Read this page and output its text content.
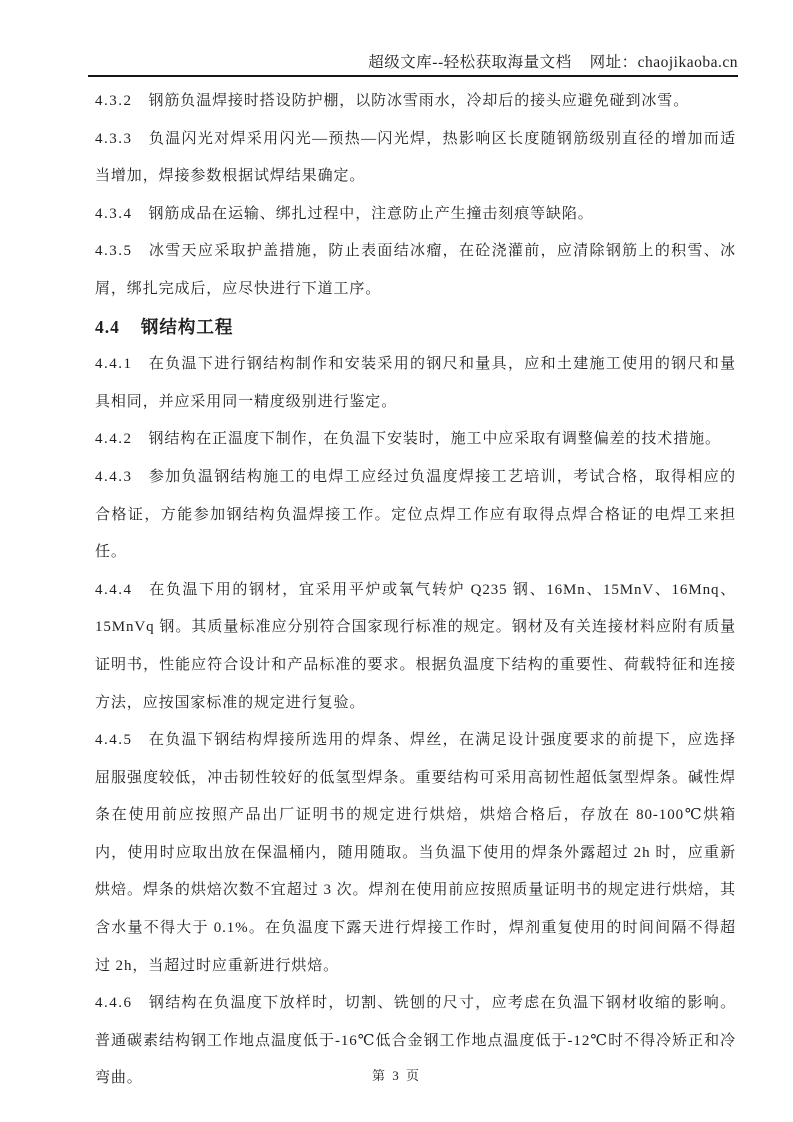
超级文库--轻松获取海量文档 网址：chaojikaoba.cn

4.3.2 钢筋负温焊接时搭设防护棚，以防冰雪雨水，冷却后的接头应避免碰到冰雪。

4.3.3 负温闪光对焊采用闪光—预热—闪光焊，热影响区长度随钢筋级别直径的增加而适当增加，焊接参数根据试焊结果确定。

4.3.4 钢筋成品在运输、绑扎过程中，注意防止产生撞击刻痕等缺陷。

4.3.5 冰雪天应采取护盖措施，防止表面结冰瘤，在砼浇灌前，应清除钢筋上的积雪、冰屑，绑扎完成后，应尽快进行下道工序。

4.4 钢结构工程

4.4.1 在负温下进行钢结构制作和安装采用的钢尺和量具，应和土建施工使用的钢尺和量具相同，并应采用同一精度级别进行鉴定。

4.4.2 钢结构在正温度下制作，在负温下安装时，施工中应采取有调整偏差的技术措施。

4.4.3 参加负温钢结构施工的电焊工应经过负温度焊接工艺培训，考试合格，取得相应的合格证，方能参加钢结构负温焊接工作。定位点焊工作应有取得点焊合格证的电焊工来担任。

4.4.4 在负温下用的钢材，宜采用平炉或氧气转炉 Q235 钢、16Mn、15MnV、16Mnq、15MnVq 钢。其质量标准应分别符合国家现行标准的规定。钢材及有关连接材料应附有质量证明书，性能应符合设计和产品标准的要求。根据负温度下结构的重要性、荷载特征和连接方法，应按国家标准的规定进行复验。

4.4.5 在负温下钢结构焊接所选用的焊条、焊丝，在满足设计强度要求的前提下，应选择屈服强度较低，冲击韧性较好的低氢型焊条。重要结构可采用高韧性超低氢型焊条。碱性焊条在使用前应按照产品出厂证明书的规定进行烘焙，烘焙合格后，存放在 80-100℃烘箱内，使用时应取出放在保温桶内，随用随取。当负温下使用的焊条外露超过 2h 时，应重新烘焙。焊条的烘焙次数不宜超过 3 次。焊剂在使用前应按照质量证明书的规定进行烘焙，其含水量不得大于 0.1%。在负温度下露天进行焊接工作时，焊剂重复使用的时间间隔不得超过 2h，当超过时应重新进行烘焙。

4.4.6 钢结构在负温度下放样时，切割、铣刨的尺寸，应考虑在负温下钢材收缩的影响。普通碳素结构钢工作地点温度低于-16℃低合金钢工作地点温度低于-12℃时不得冷矫正和冷弯曲。	第 3 页
